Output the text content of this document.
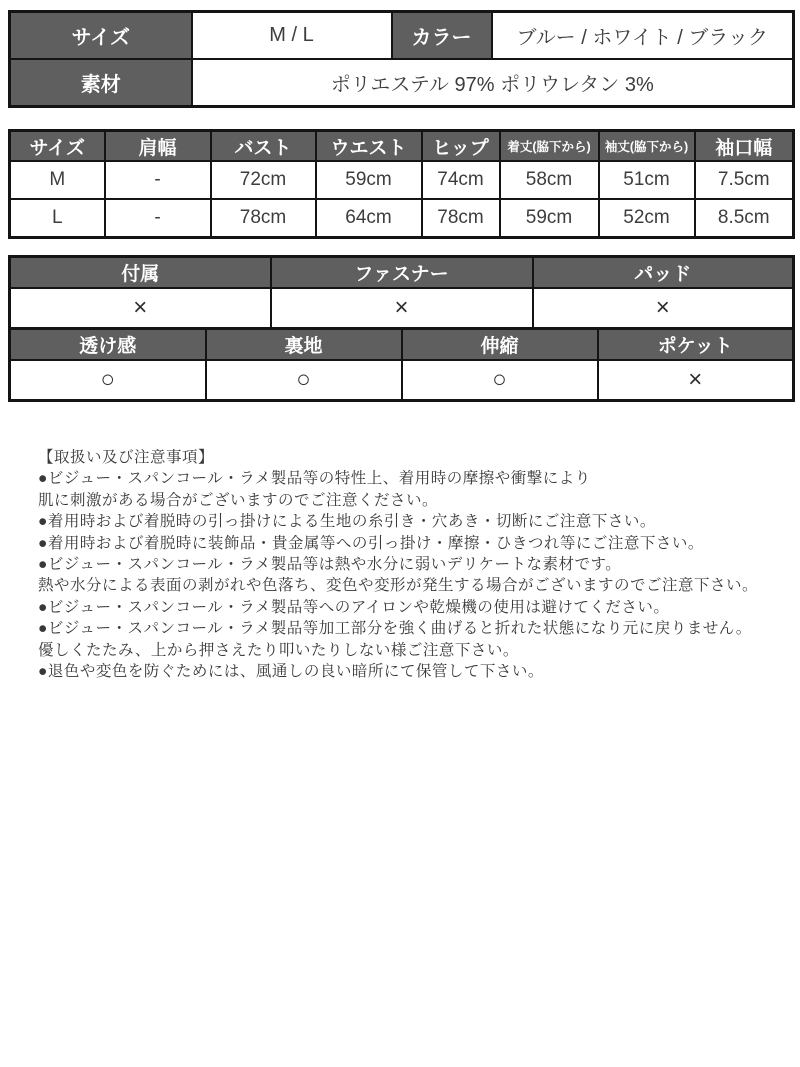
サイズ	M / L	カラー	ブルー / ホワイト / ブラック
素材	ポリエステル 97% ポリウレタン 3%		
サイズ	肩幅	バスト	ウエスト	ヒップ	着丈(脇下から)	袖丈(脇下から)	袖口幅
M	-	72cm	59cm	74cm	58cm	51cm	7.5cm
L	-	78cm	64cm	78cm	59cm	52cm	8.5cm
付属	ファスナー	パッド
×	×	×
透け感	裏地	伸縮	ポケット
○	○	○	×
【取扱い及び注意事項】
●ビジュー・スパンコール・ラメ製品等の特性上、着用時の摩擦や衝撃により
肌に刺激がある場合がございますのでご注意ください。
●着用時および着脱時の引っ掛けによる生地の糸引き・穴あき・切断にご注意下さい。
●着用時および着脱時に装飾品・貴金属等への引っ掛け・摩擦・ひきつれ等にご注意下さい。
●ビジュー・スパンコール・ラメ製品等は熱や水分に弱いデリケートな素材です。
熱や水分による表面の剥がれや色落ち、変色や変形が発生する場合がございますのでご注意下さい。
●ビジュー・スパンコール・ラメ製品等へのアイロンや乾燥機の使用は避けてください。
●ビジュー・スパンコール・ラメ製品等加工部分を強く曲げると折れた状態になり元に戻りません。
優しくたたみ、上から押さえたり叩いたりしない様ご注意下さい。
●退色や変色を防ぐためには、風通しの良い暗所にて保管して下さい。
